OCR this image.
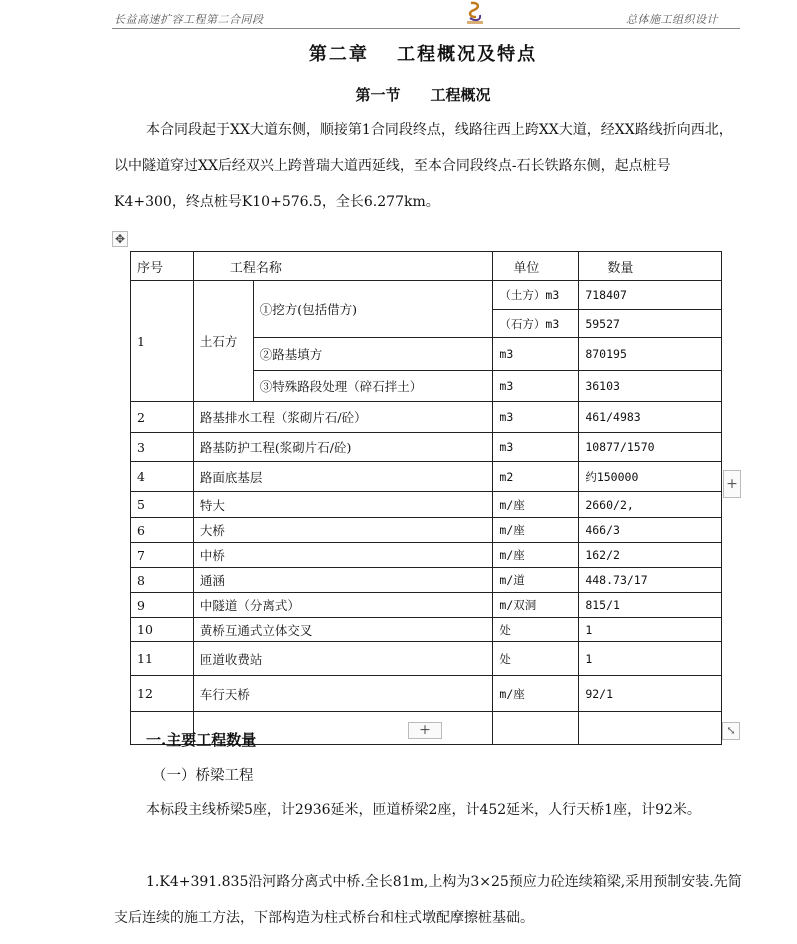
长益高速扩容工程第二合同段	总体施工组织设计
第二章　 工程概况及特点
第一节　　工程概况
本合同段起于XX大道东侧，顺接第1合同段终点，线路往西上跨XX大道，经XX路线折向西北，以中隧道穿过XX后经双兴上跨普瑞大道西延线，至本合同段终点-石长铁路东侧，起点桩号K4+300，终点桩号K10+576.5，全长6.277km。
✥
序号	工程名称		单位	数量
1	土石方	①挖方(包括借方)	（土方）m3	718407
			（石方）m3	59527
		②路基填方	m3	870195
		③特殊路段处理（碎石拌土）	m3	36103
2	路基排水工程（浆砌片石/砼）		m3	461/4983
3	路基防护工程(浆砌片石/砼)		m3	10877/1570
4	路面底基层		m2	约150000
5	特大		m/座	2660/2,
6	大桥		m/座	466/3
7	中桥		m/座	162/2
8	通涵		m/道	448.73/17
9	中隧道（分离式）		m/双洞	815/1
10	黄桥互通式立体交叉		处	1
11	匝道收费站		处	1
12	车行天桥		m/座	92/1

+
+	⤡
一.主要工程数量
（一）桥梁工程
本标段主线桥梁5座，计2936延米，匝道桥梁2座，计452延米，人行天桥1座，计92米。
1.K4+391.835沿河路分离式中桥.全长81m,上构为3×25预应力砼连续箱梁,采用预制安装.先简支后连续的施工方法，下部构造为柱式桥台和柱式墩配摩擦桩基础。
